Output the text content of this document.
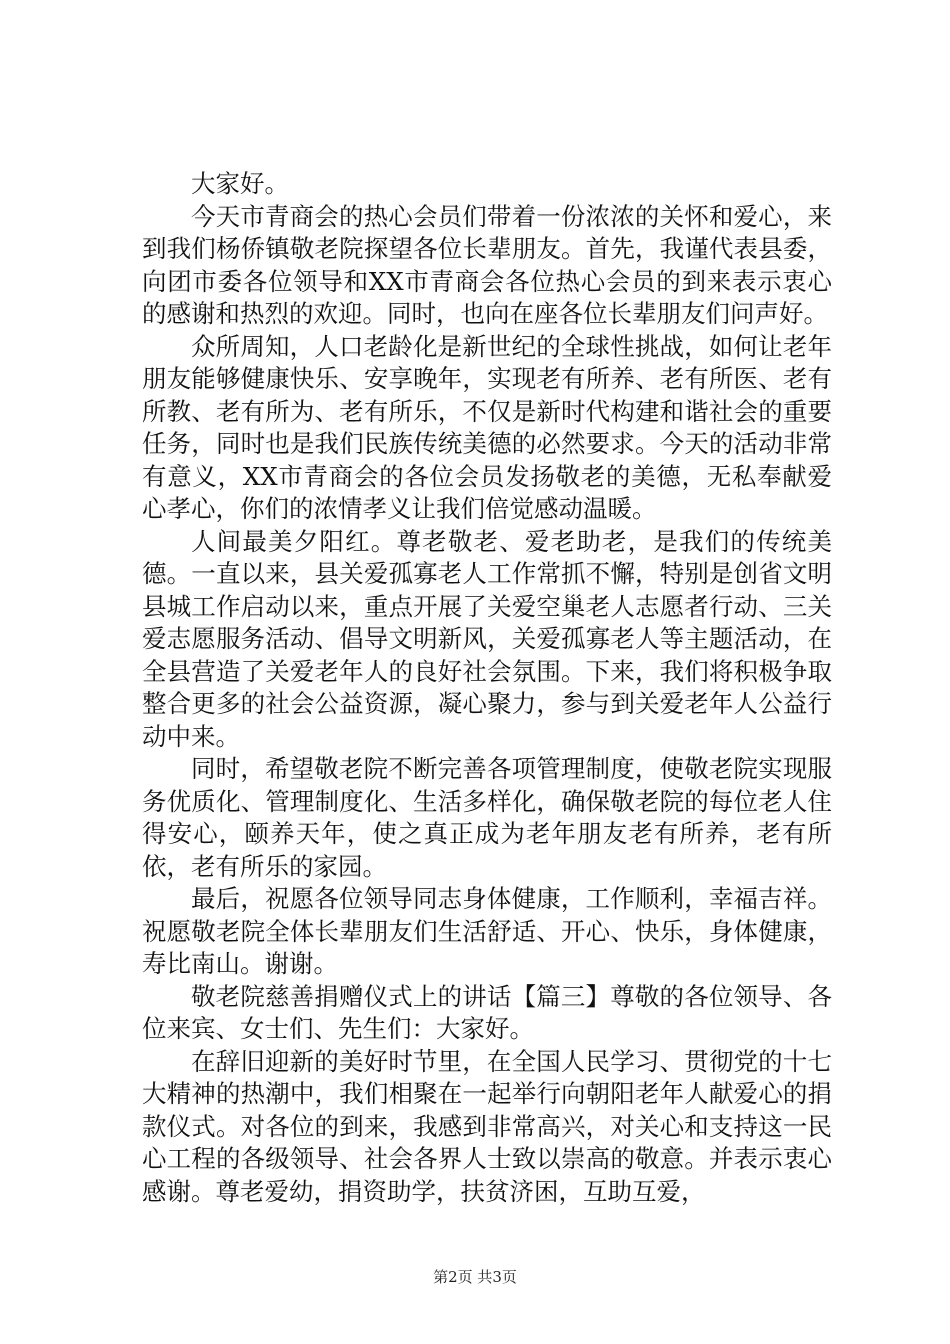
大家好。

今天市青商会的热心会员们带着一份浓浓的关怀和爱心，来到我们杨侨镇敬老院探望各位长辈朋友。首先，我谨代表县委，向团市委各位领导和XX市青商会各位热心会员的到来表示衷心的感谢和热烈的欢迎。同时，也向在座各位长辈朋友们问声好。

众所周知，人口老龄化是新世纪的全球性挑战，如何让老年朋友能够健康快乐、安享晚年，实现老有所养、老有所医、老有所教、老有所为、老有所乐，不仅是新时代构建和谐社会的重要任务，同时也是我们民族传统美德的必然要求。今天的活动非常有意义，XX市青商会的各位会员发扬敬老的美德，无私奉献爱心孝心，你们的浓情孝义让我们倍觉感动温暖。

人间最美夕阳红。尊老敬老、爱老助老，是我们的传统美德。一直以来，县关爱孤寡老人工作常抓不懈，特别是创省文明县城工作启动以来，重点开展了关爱空巢老人志愿者行动、三关爱志愿服务活动、倡导文明新风，关爱孤寡老人等主题活动，在全县营造了关爱老年人的良好社会氛围。下来，我们将积极争取整合更多的社会公益资源，凝心聚力，参与到关爱老年人公益行动中来。

同时，希望敬老院不断完善各项管理制度，使敬老院实现服务优质化、管理制度化、生活多样化，确保敬老院的每位老人住得安心，颐养天年，使之真正成为老年朋友老有所养，老有所依，老有所乐的家园。

最后，祝愿各位领导同志身体健康，工作顺利，幸福吉祥。祝愿敬老院全体长辈朋友们生活舒适、开心、快乐，身体健康，寿比南山。谢谢。

敬老院慈善捐赠仪式上的讲话【篇三】尊敬的各位领导、各位来宾、女士们、先生们：大家好。

在辞旧迎新的美好时节里，在全国人民学习、贯彻党的十七大精神的热潮中，我们相聚在一起举行向朝阳老年人献爱心的捐款仪式。对各位的到来，我感到非常高兴，对关心和支持这一民心工程的各级领导、社会各界人士致以崇高的敬意。并表示衷心感谢。尊老爱幼，捐资助学，扶贫济困，互助互爱，

第2页 共3页
